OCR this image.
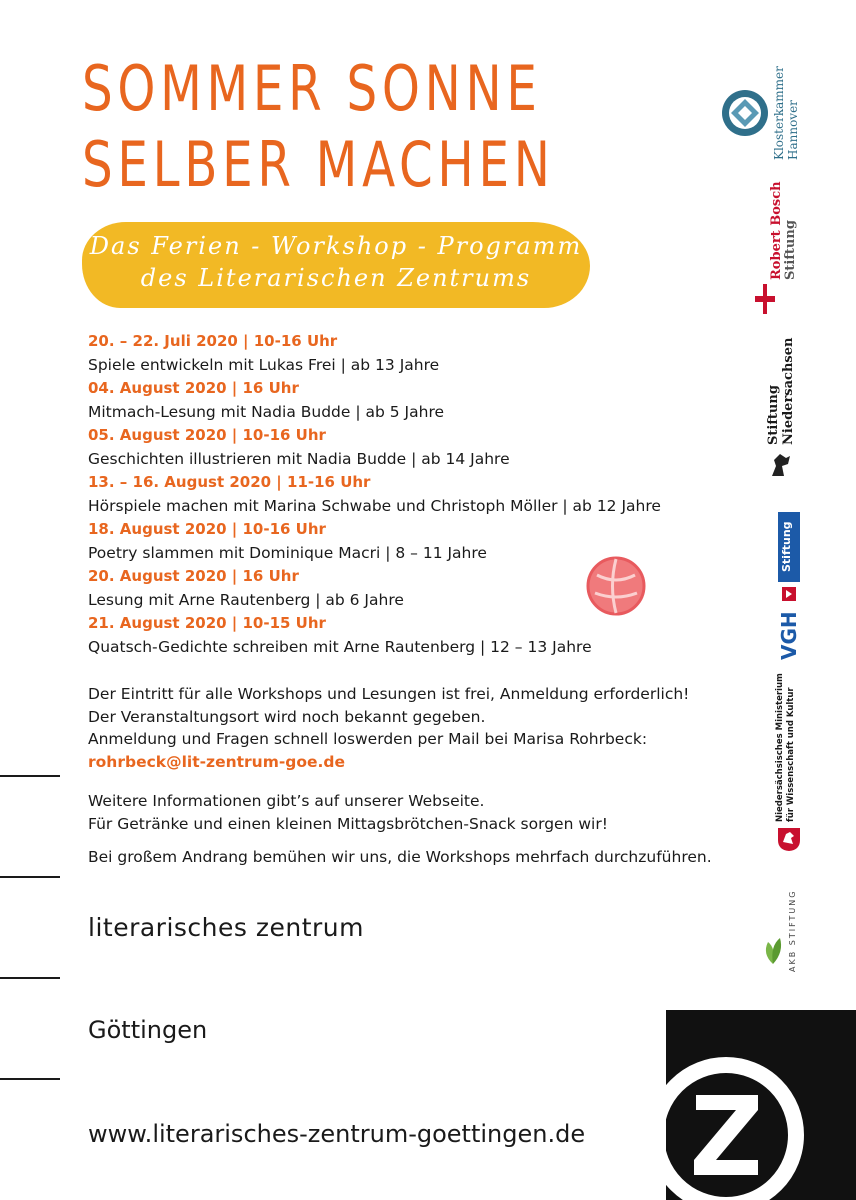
SOMMER SONNE
SELBER MACHEN
Das Ferien - Workshop - Programm
des Literarischen Zentrums
20. – 22. Juli 2020 | 10-16 Uhr
Spiele entwickeln mit Lukas Frei | ab 13 Jahre
04. August 2020 | 16 Uhr
Mitmach-Lesung mit Nadia Budde | ab 5 Jahre
05. August 2020 | 10-16 Uhr
Geschichten illustrieren mit Nadia Budde | ab 14 Jahre
13. – 16. August 2020 | 11-16 Uhr
Hörspiele machen mit Marina Schwabe und Christoph Möller | ab 12 Jahre
18. August 2020 | 10-16 Uhr
Poetry slammen mit Dominique Macri | 8 – 11 Jahre
20. August 2020 | 16 Uhr
Lesung mit Arne Rautenberg | ab 6 Jahre
21. August 2020 | 10-15 Uhr
Quatsch-Gedichte schreiben mit Arne Rautenberg | 12 – 13 Jahre
Der Eintritt für alle Workshops und Lesungen ist frei, Anmeldung erforderlich!
Der Veranstaltungsort wird noch bekannt gegeben.
Anmeldung und Fragen schnell loswerden per Mail bei Marisa Rohrbeck:
rohrbeck@lit-zentrum-goe.de
Weitere Informationen gibt’s auf unserer Webseite.
Für Getränke und einen kleinen Mittagsbrötchen-Snack sorgen wir!
Bei großem Andrang bemühen wir uns, die Workshops mehrfach durchzuführen.
literarisches zentrum
Göttingen
www.literarisches-zentrum-goettingen.de
Klosterkammer Hannover
Robert Bosch Stiftung
Stiftung Niedersachsen
Stiftung
VGH
Niedersächsisches Ministerium für Wissenschaft und Kultur
AKB STIFTUNG
